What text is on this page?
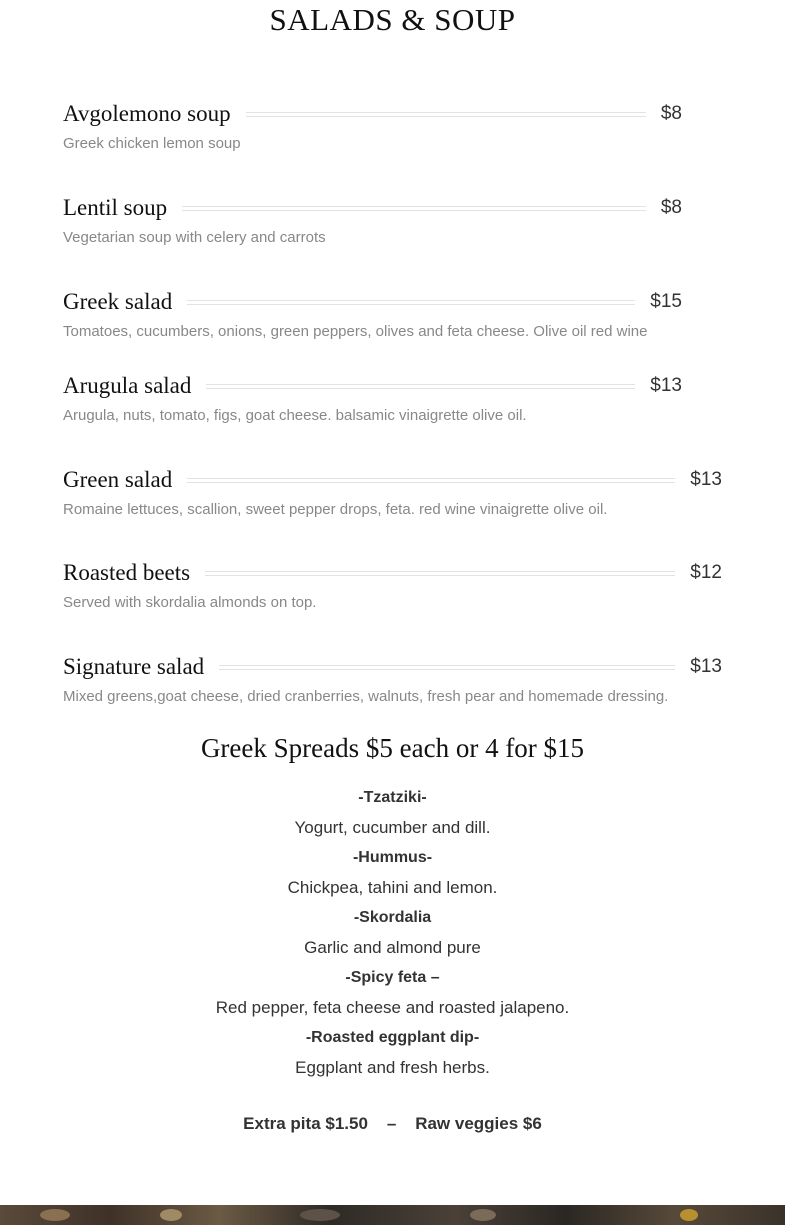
SALADS & SOUP
Avgolemono soup	$8
Greek chicken lemon soup
Lentil soup	$8
Vegetarian soup with celery and carrots
Greek salad	$15
Tomatoes, cucumbers, onions, green peppers, olives and feta cheese. Olive oil red wine
Arugula salad	$13
Arugula, nuts, tomato, figs, goat cheese. balsamic vinaigrette olive oil.
Green salad	$13
Romaine lettuces, scallion, sweet pepper drops, feta. red wine vinaigrette olive oil.
Roasted beets	$12
Served with skordalia almonds on top.
Signature salad	$13
Mixed greens,goat cheese, dried cranberries, walnuts, fresh pear and homemade dressing.
Greek Spreads $5 each or 4 for $15
-Tzatziki-
Yogurt, cucumber and dill.
-Hummus-
Chickpea, tahini and lemon.
-Skordalia
Garlic and almond pure
-Spicy feta –
Red pepper, feta cheese and roasted jalapeno.
-Roasted eggplant dip-
Eggplant and fresh herbs.
Extra pita $1.50 – Raw veggies $6
